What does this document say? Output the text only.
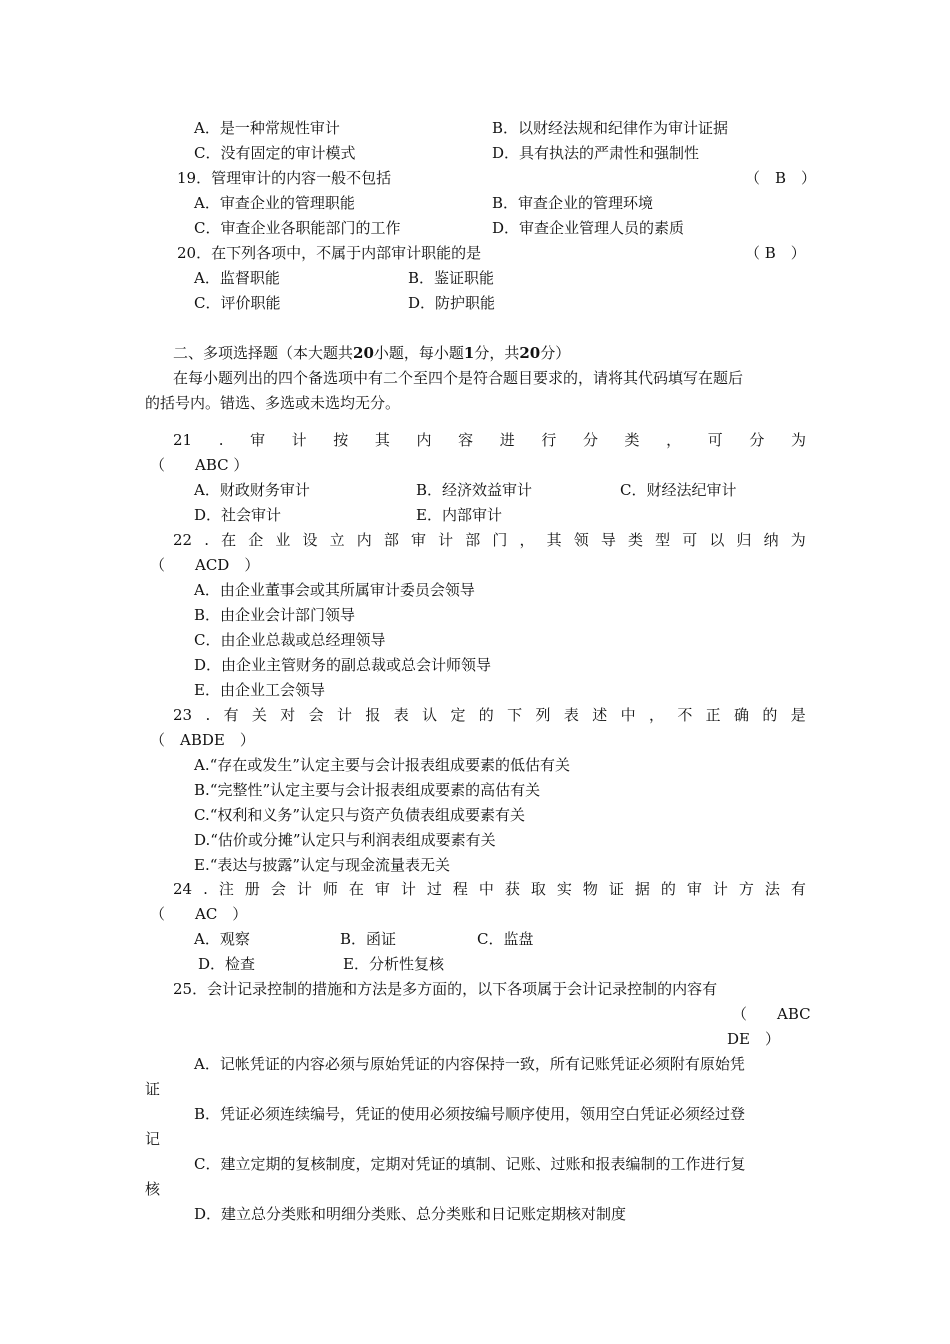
A．是一种常规性审计	B．以财经法规和纪律作为审计证据
C．没有固定的审计模式	D．具有执法的严肃性和强制性
19．管理审计的内容一般不包括	（　B　）
A．审查企业的管理职能	B．审查企业的管理环境
C．审查企业各职能部门的工作	D．审查企业管理人员的素质
20．在下列各项中，不属于内部审计职能的是	（ B　）
A．监督职能	B．鉴证职能
C．评价职能	D．防护职能
二、多项选择题（本大题共20小题，每小题1分，共20分）
在每小题列出的四个备选项中有二个至四个是符合题目要求的，请将其代码填写在题后
的括号内。错选、多选或未选均无分。
21 . 审 计 按 其 内 容 进 行 分 类 ， 可 分 为
（　　ABC ）
A．财政财务审计	B．经济效益审计	C．财经法纪审计
D．社会审计	E．内部审计
22 . 在 企 业 设 立 内 部 审 计 部 门 ， 其 领 导 类 型 可 以 归 纳 为
（　　ACD　）
A．由企业董事会或其所属审计委员会领导
B．由企业会计部门领导
C．由企业总裁或总经理领导
D．由企业主管财务的副总裁或总会计师领导
E．由企业工会领导
23 . 有 关 对 会 计 报 表 认 定 的 下 列 表 述 中 ， 不 正 确 的 是
（　ABDE　）
A.“存在或发生”认定主要与会计报表组成要素的低估有关
B.“完整性”认定主要与会计报表组成要素的高估有关
C.“权利和义务”认定只与资产负债表组成要素有关
D.“估价或分摊”认定只与利润表组成要素有关
E.“表达与披露”认定与现金流量表无关
24 . 注 册 会 计 师 在 审 计 过 程 中 获 取 实 物 证 据 的 审 计 方 法 有
（　　AC　）
A．观察	B．函证	C．监盘
D．检查	E．分析性复核
25．会计记录控制的措施和方法是多方面的，以下各项属于会计记录控制的内容有
（　　ABC
DE　）
A．记帐凭证的内容必须与原始凭证的内容保持一致，所有记账凭证必须附有原始凭
证
B．凭证必须连续编号，凭证的使用必须按编号顺序使用，领用空白凭证必须经过登
记
C．建立定期的复核制度，定期对凭证的填制、记账、过账和报表编制的工作进行复
核
D．建立总分类账和明细分类账、总分类账和日记账定期核对制度
